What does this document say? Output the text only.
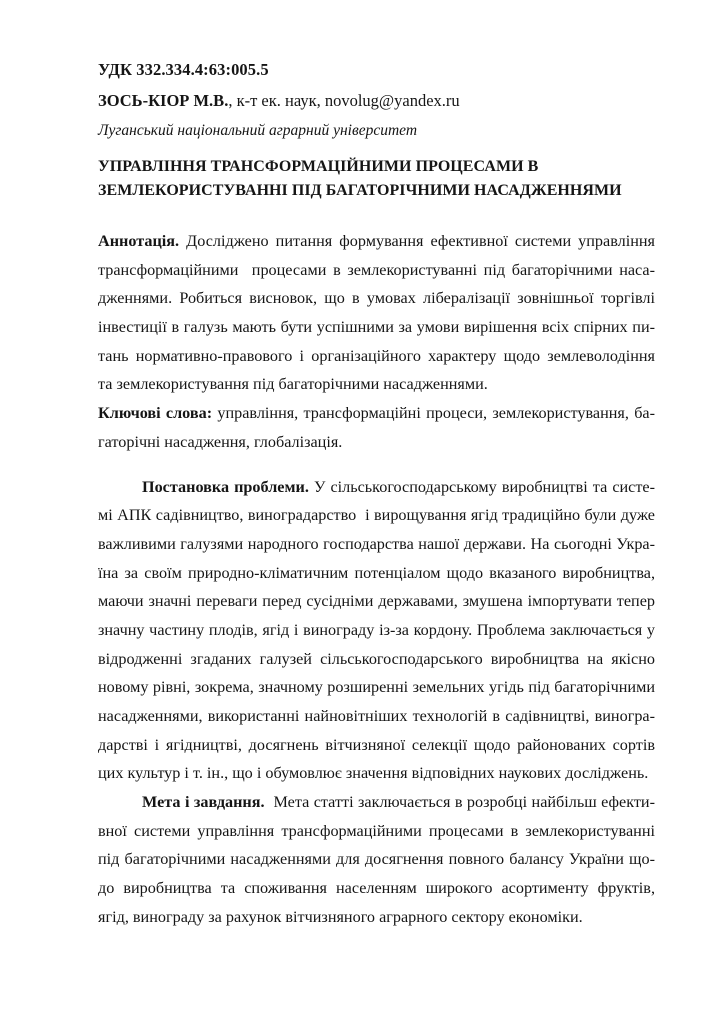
УДК 332.334.4:63:005.5
ЗОСЬ-КІОР М.В., к-т ек. наук, novolug@yandex.ru
Луганський національний аграрний університет
УПРАВЛІННЯ ТРАНСФОРМАЦІЙНИМИ ПРОЦЕСАМИ В
ЗЕМЛЕКОРИСТУВАННІ ПІД БАГАТОРІЧНИМИ НАСАДЖЕННЯМИ

Аннотація. Досліджено питання формування ефективної системи управління
трансформаційними  процесами в землекористуванні під багаторічними наса-
дженнями. Робиться висновок, що в умовах лібералізації зовнішньої торгівлі
інвестиції в галузь мають бути успішними за умови вирішення всіх спірних пи-
тань нормативно-правового і організаційного характеру щодо землеволодіння
та землекористування під багаторічними насадженнями.

Ключові слова: управління, трансформаційні процеси, землекористування, ба-
гаторічні насадження, глобалізація.

Постановка проблеми. У сільськогосподарському виробництві та систе-
мі АПК садівництво, виноградарство  і вирощування ягід традиційно були дуже
важливими галузями народного господарства нашої держави. На сьогодні Укра-
їна за своїм природно-кліматичним потенціалом щодо вказаного виробництва,
маючи значні переваги перед сусідніми державами, змушена імпортувати тепер
значну частину плодів, ягід і винограду із-за кордону. Проблема заключається у
відродженні згаданих галузей сільськогосподарського виробництва на якісно
новому рівні, зокрема, значному розширенні земельних угідь під багаторічними
насадженнями, використанні найновітніших технологій в садівництві, виногра-
дарстві і ягідництві, досягнень вітчизняної селекції щодо районованих сортів
цих культур і т. ін., що і обумовлює значення відповідних наукових досліджень.

Мета і завдання. Мета статті заключається в розробці найбільш ефекти-
вної системи управління трансформаційними процесами в землекористуванні
під багаторічними насадженнями для досягнення повного балансу України що-
до виробництва та споживання населенням широкого асортименту фруктів,
ягід, винограду за рахунок вітчизняного аграрного сектору економіки.
